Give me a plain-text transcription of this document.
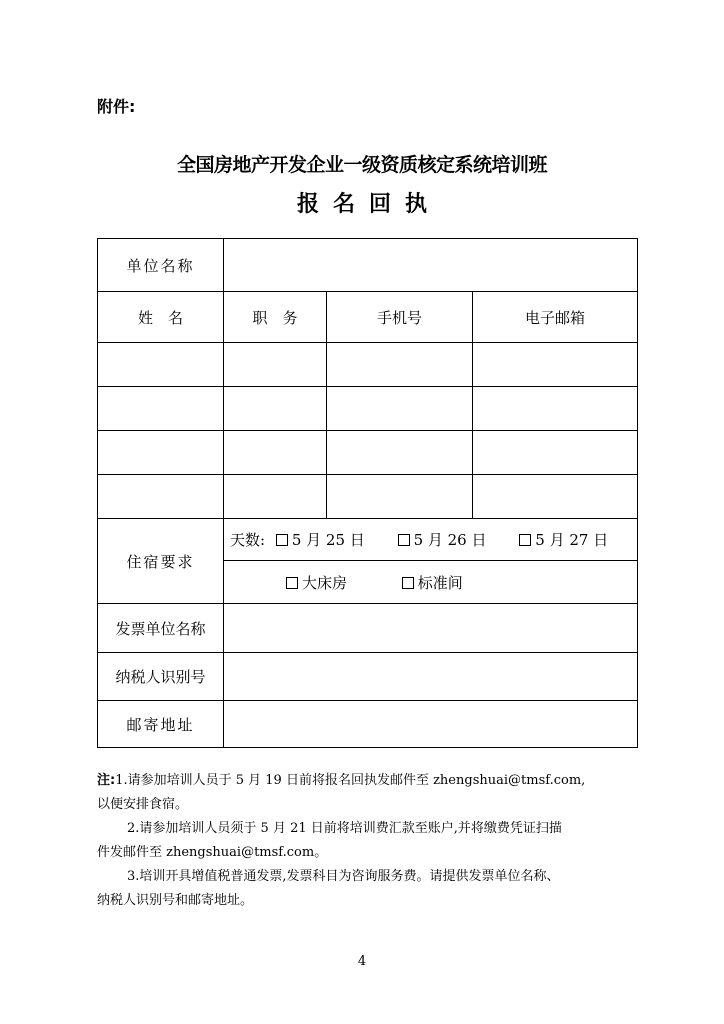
附件:
全国房地产开发企业一级资质核定系统培训班
报名回执
单位名称			
姓　名	职　务	手机号	电子邮箱

住宿要求	天数: 5 月 25 日 5 月 26 日 5 月 27 日		
	大床房 标准间		
发票单位名称			
纳税人识别号			
邮寄地址			

注:1.请参加培训人员于 5 月 19 日前将报名回执发邮件至 zhengshuai@tmsf.com,

以便安排食宿。

2.请参加培训人员须于 5 月 21 日前将培训费汇款至账户,并将缴费凭证扫描

件发邮件至 zhengshuai@tmsf.com。

3.培训开具增值税普通发票,发票科目为咨询服务费。请提供发票单位名称、

纳税人识别号和邮寄地址。

4
